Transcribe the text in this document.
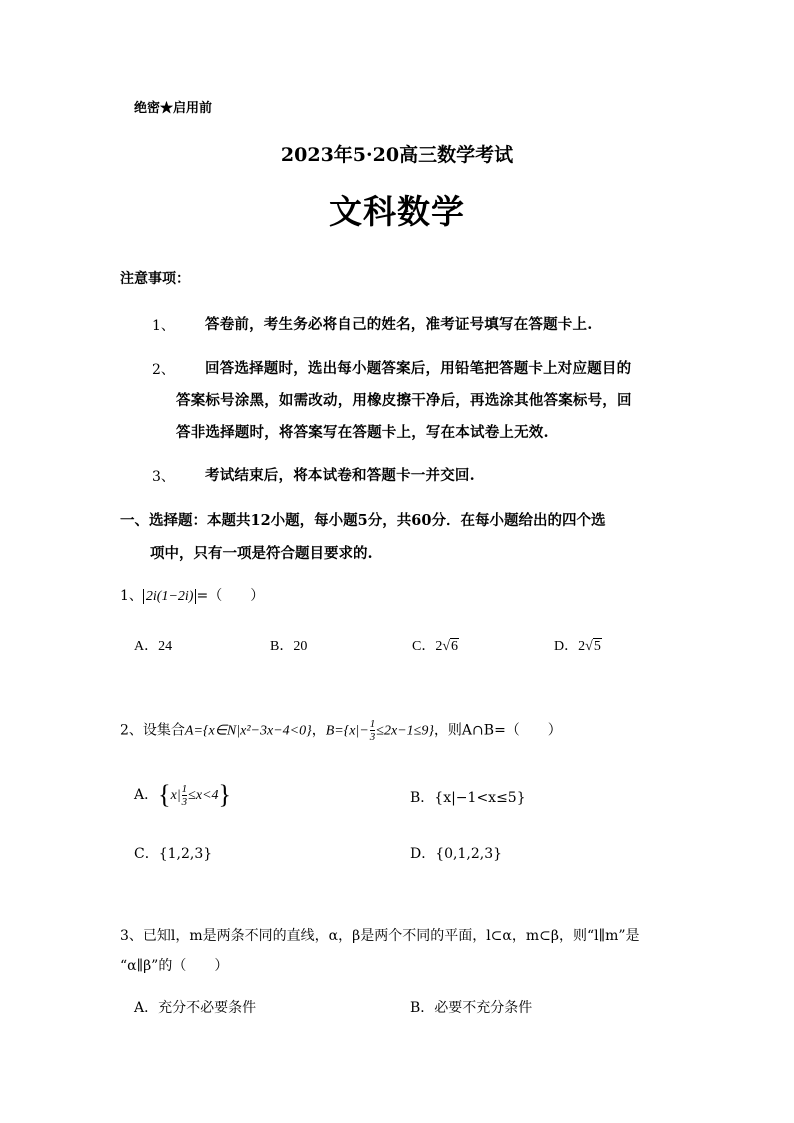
绝密★启用前
2023年5·20高三数学考试
文科数学
注意事项：
1、 答卷前，考生务必将自己的姓名，准考证号填写在答题卡上.
2、 回答选择题时，选出每小题答案后，用铅笔把答题卡上对应题目的
答案标号涂黑，如需改动，用橡皮擦干净后，再选涂其他答案标号，回
答非选择题时，将答案写在答题卡上，写在本试卷上无效.
3、 考试结束后，将本试卷和答题卡一并交回.
一、选择题：本题共12小题，每小题5分，共60分．在每小题给出的四个选
项中，只有一项是符合题目要求的.
1、 2i(1−2i) =（　　）
A．24	B．20	C．2√6	D．2√5
2、设集合A={x∈N|x²−3x−4<0}，$B=\{x|- \frac{1}{3} \le 2x-1\le 9\}$，则A∩B=（　　）
A．$\{x| \frac{1}{3} \le x<4\}$	B．{x|−1<x≤5}
C．{1,2,3}	D．{0,1,2,3}
3、已知l，m是两条不同的直线，α，β是两个不同的平面，l⊂α，m⊂β，则“l∥m”是
“α∥β”的（　　）
A．充分不必要条件	B．必要不充分条件
